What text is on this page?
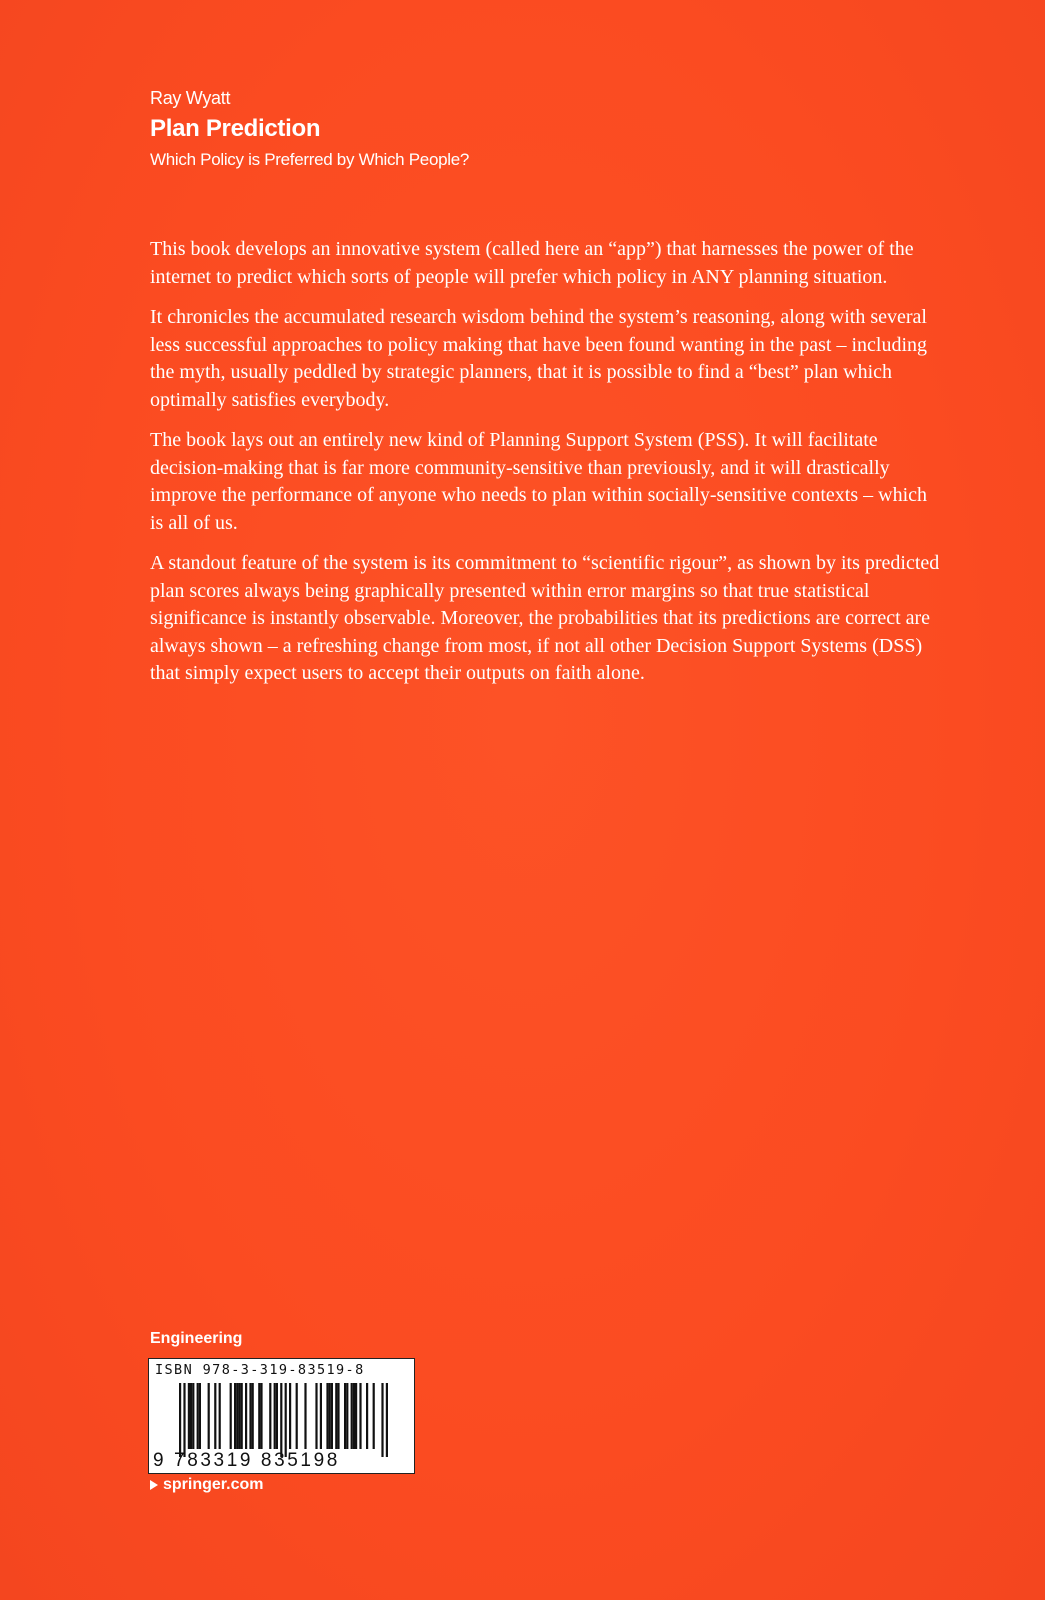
Ray Wyatt
Plan Prediction
Which Policy is Preferred by Which People?

This book develops an innovative system (called here an “app”) that harnesses the power of the internet to predict which sorts of people will prefer which policy in ANY planning situation.

It chronicles the accumulated research wisdom behind the system’s reasoning, along with several less successful approaches to policy making that have been found wanting in the past – including the myth, usually peddled by strategic planners, that it is possible to find a “best” plan which optimally satisfies everybody.

The book lays out an entirely new kind of Planning Support System (PSS). It will facilitate decision-making that is far more community-sensitive than previously, and it will drastically improve the performance of anyone who needs to plan within socially-sensitive contexts – which is all of us.

A standout feature of the system is its commitment to “scientific rigour”, as shown by its predicted plan scores always being graphically presented within error margins so that true statistical significance is instantly observable. Moreover, the probabilities that its predictions are correct are always shown – a refreshing change from most, if not all other Decision Support Systems (DSS) that simply expect users to accept their outputs on faith alone.

Engineering
ISBN 978-3-319-83519-8
9 783319 835198
springer.com
